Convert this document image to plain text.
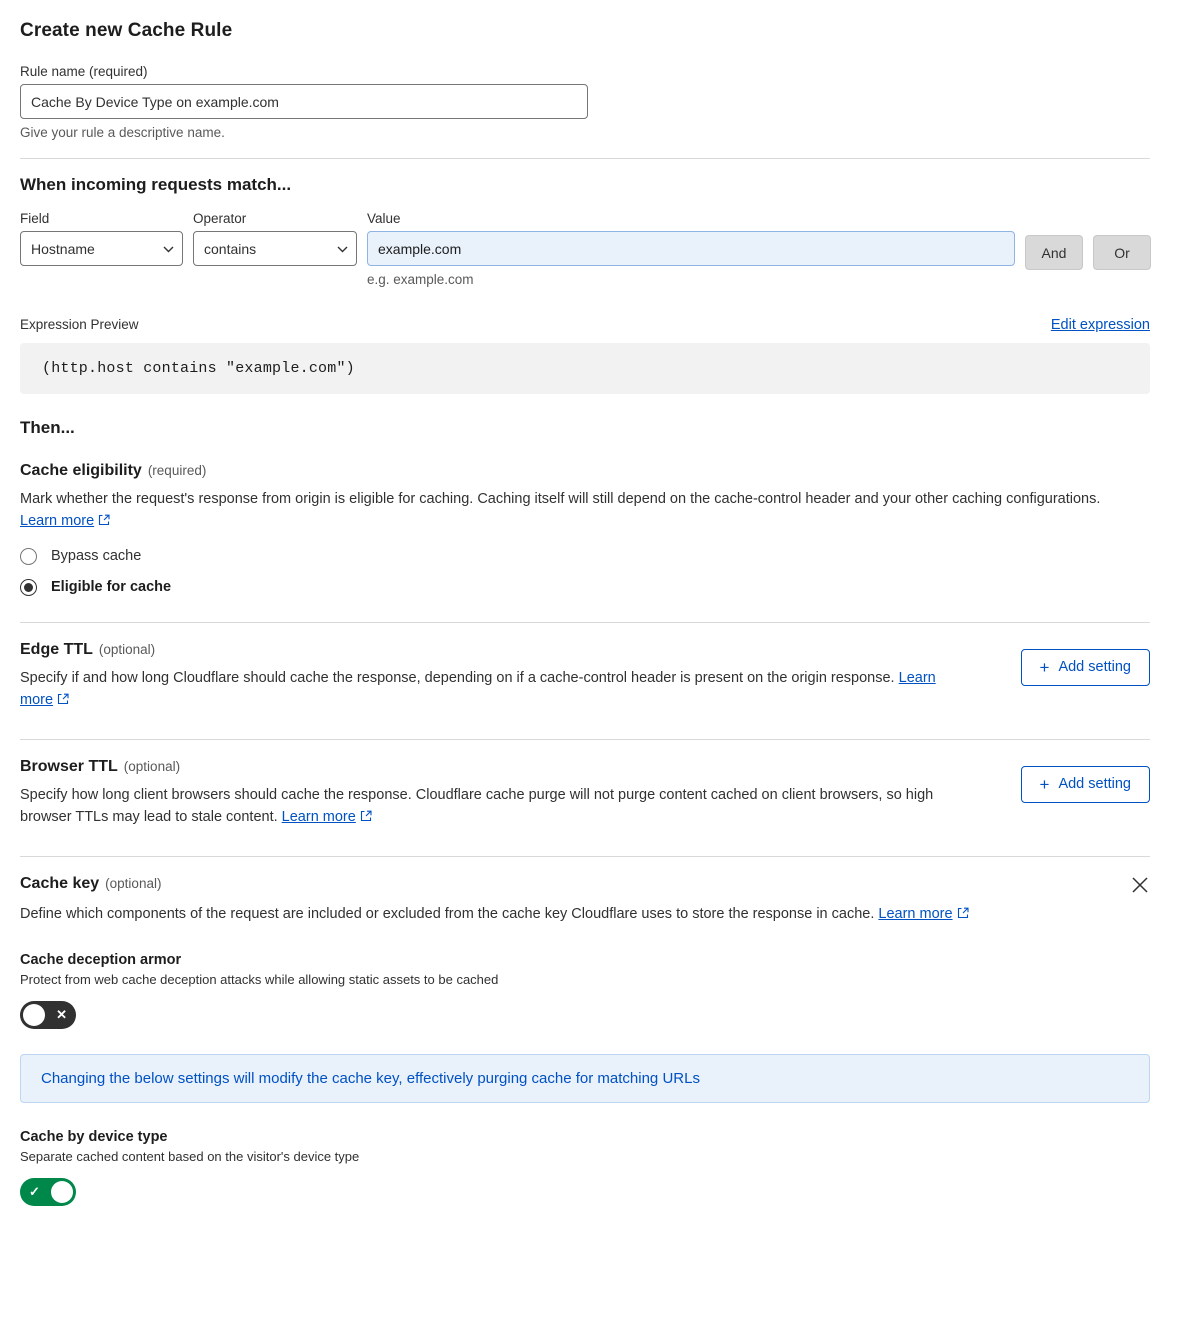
Create new Cache Rule
Rule name (required)
Cache By Device Type on example.com
Give your rule a descriptive name.
When incoming requests match...
Field
Hostname	Operator
contains	Value
example.com
e.g. example.com
And	Or
Expression Preview	Edit expression
(http.host contains "example.com")
Then...
Cache eligibility (required)

Mark whether the request's response from origin is eligible for caching. Caching itself will still depend on the cache-control header and your other caching configurations. Learn more

Bypass cache
Eligible for cache
Edge TTL (optional)

Specify if and how long Cloudflare should cache the response, depending on if a cache-control header is present on the origin response. Learn more

+ Add setting
Browser TTL (optional)

Specify how long client browsers should cache the response. Cloudflare cache purge will not purge content cached on client browsers, so high browser TTLs may lead to stale content. Learn more

+ Add setting
Cache key (optional)

Define which components of the request are included or excluded from the cache key Cloudflare uses to store the response in cache. Learn more

Cache deception armor

Protect from web cache deception attacks while allowing static assets to be cached

✕
Changing the below settings will modify the cache key, effectively purging cache for matching URLs

Cache by device type

Separate cached content based on the visitor's device type

✓
